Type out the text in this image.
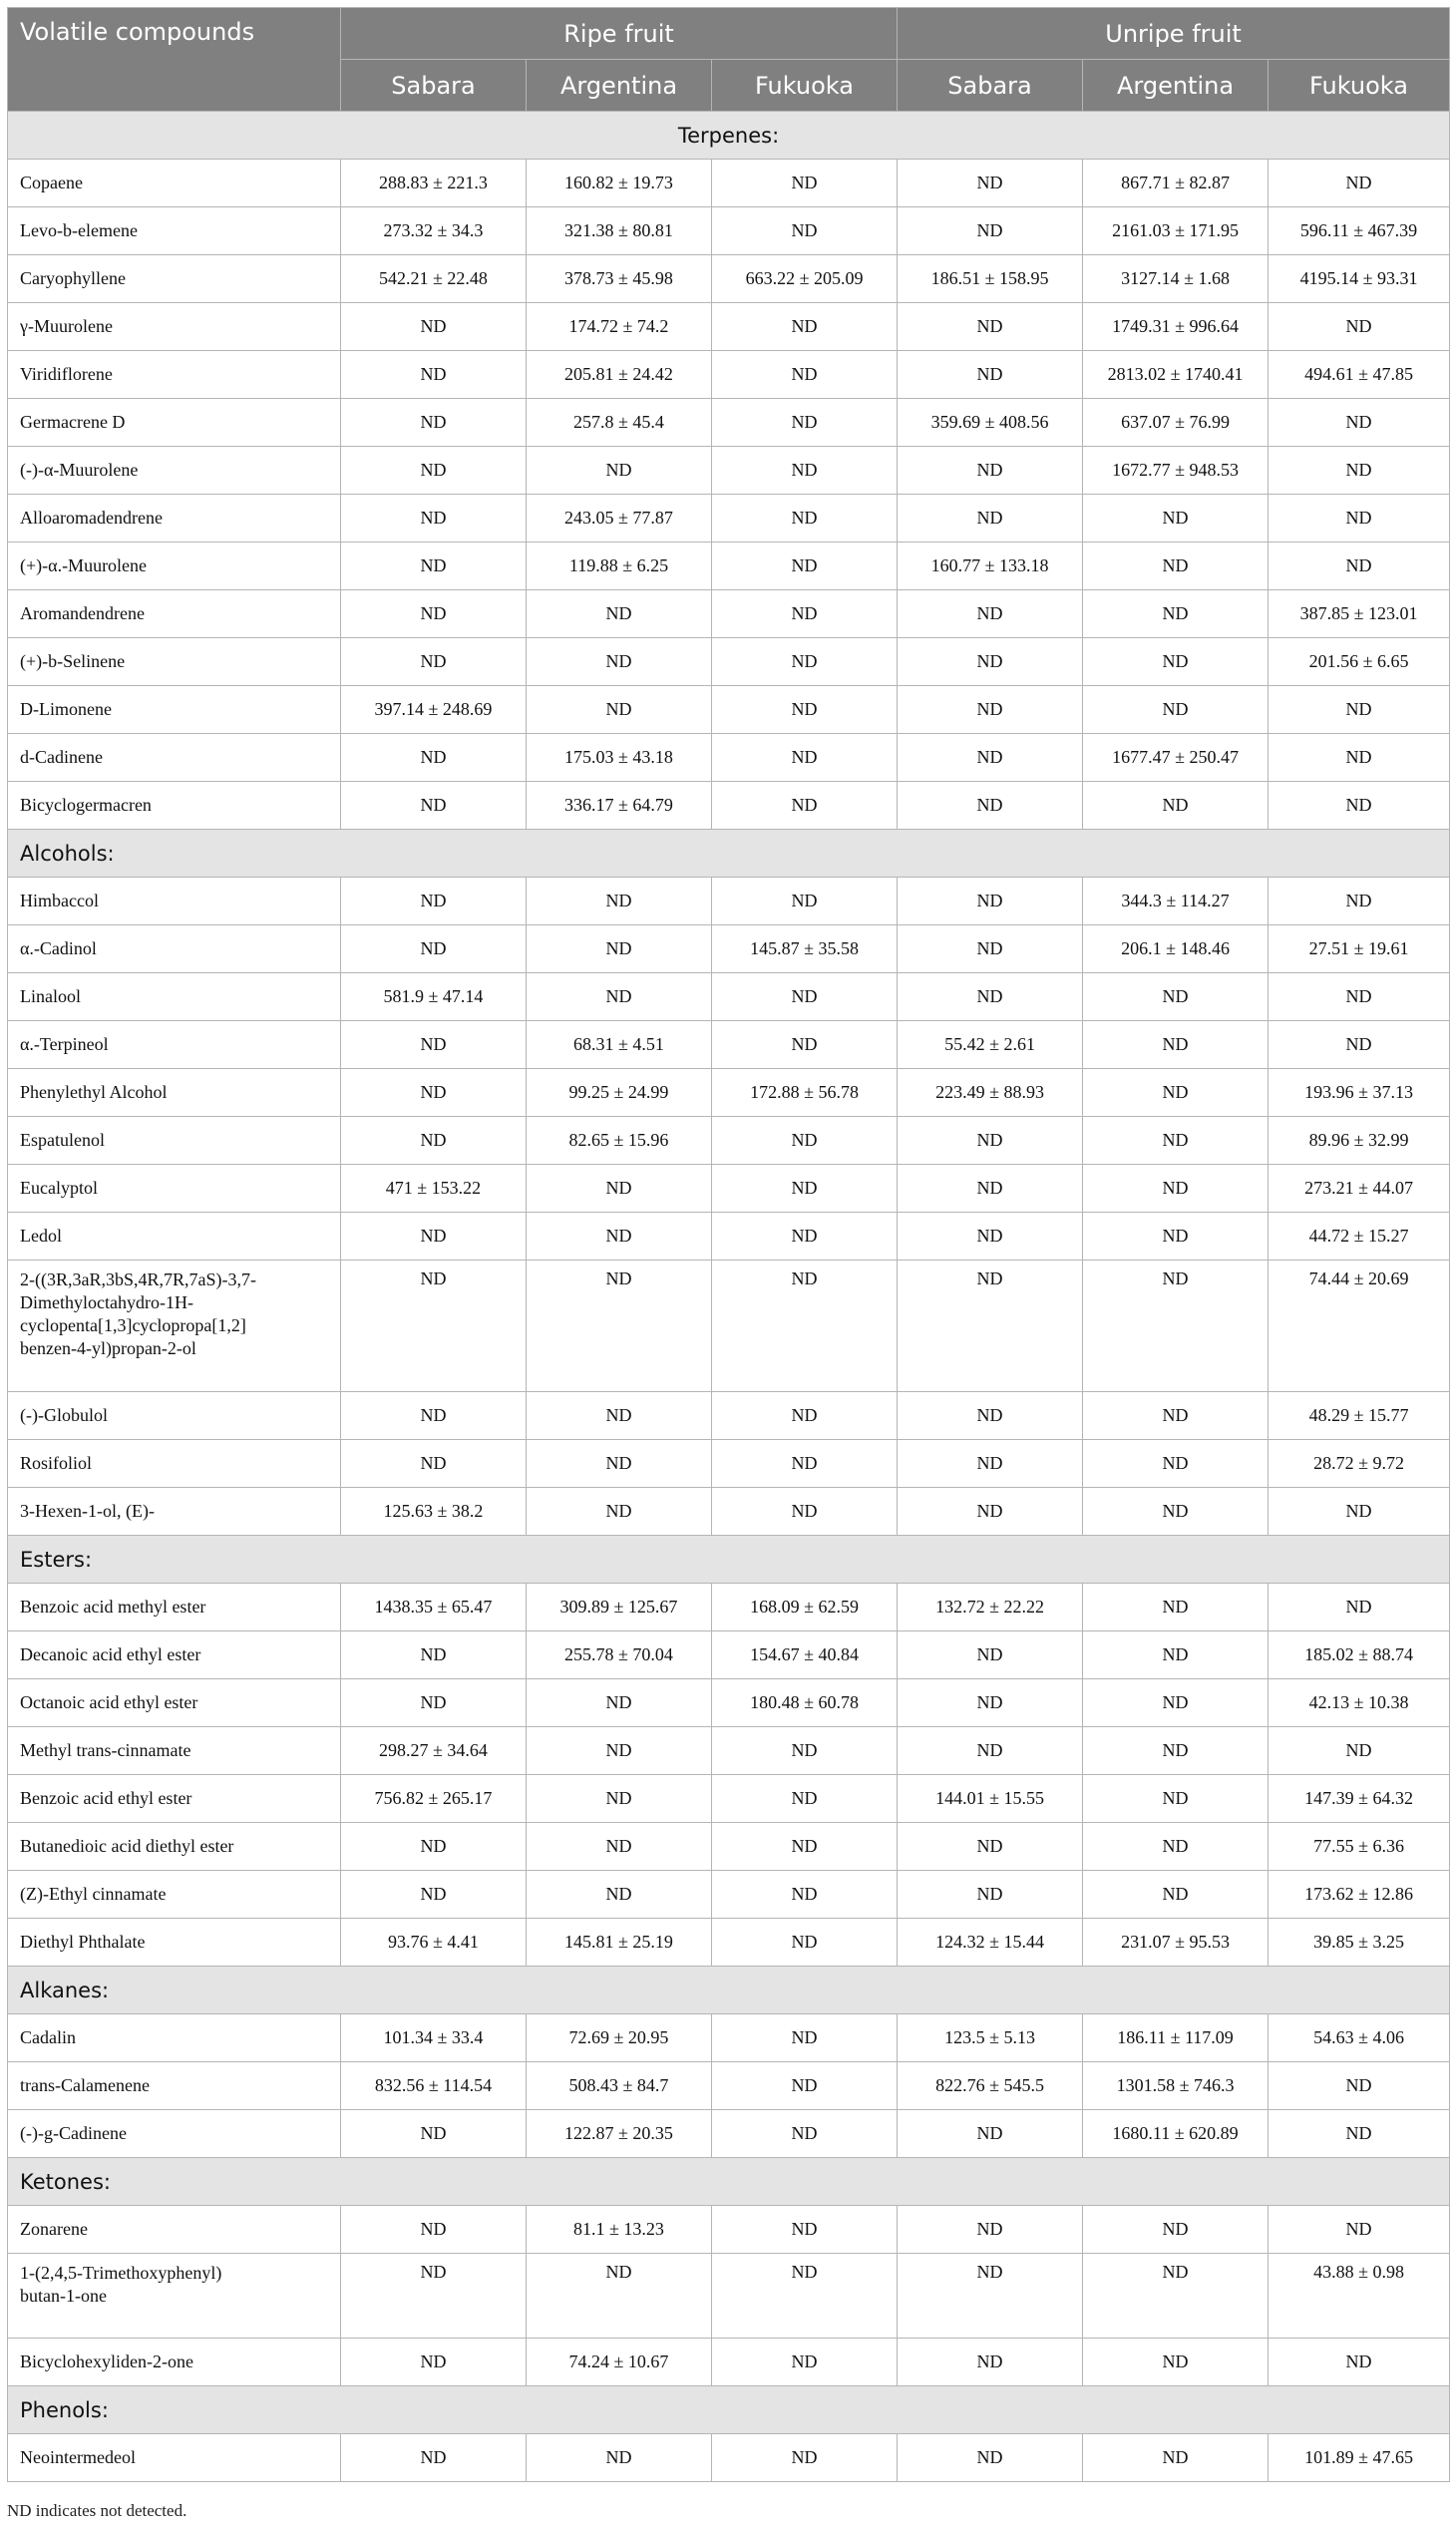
Volatile compounds	Ripe fruit			Unripe fruit		
	Sabara	Argentina	Fukuoka	Sabara	Argentina	Fukuoka
Terpenes:						
Copaene	288.83 ± 221.3	160.82 ± 19.73	ND	ND	867.71 ± 82.87	ND
Levo-b-elemene	273.32 ± 34.3	321.38 ± 80.81	ND	ND	2161.03 ± 171.95	596.11 ± 467.39
Caryophyllene	542.21 ± 22.48	378.73 ± 45.98	663.22 ± 205.09	186.51 ± 158.95	3127.14 ± 1.68	4195.14 ± 93.31
γ-Muurolene	ND	174.72 ± 74.2	ND	ND	1749.31 ± 996.64	ND
Viridiflorene	ND	205.81 ± 24.42	ND	ND	2813.02 ± 1740.41	494.61 ± 47.85
Germacrene D	ND	257.8 ± 45.4	ND	359.69 ± 408.56	637.07 ± 76.99	ND
(-)-α-Muurolene	ND	ND	ND	ND	1672.77 ± 948.53	ND
Alloaromadendrene	ND	243.05 ± 77.87	ND	ND	ND	ND
(+)-α.-Muurolene	ND	119.88 ± 6.25	ND	160.77 ± 133.18	ND	ND
Aromandendrene	ND	ND	ND	ND	ND	387.85 ± 123.01
(+)-b-Selinene	ND	ND	ND	ND	ND	201.56 ± 6.65
D-Limonene	397.14 ± 248.69	ND	ND	ND	ND	ND
d-Cadinene	ND	175.03 ± 43.18	ND	ND	1677.47 ± 250.47	ND
Bicyclogermacren	ND	336.17 ± 64.79	ND	ND	ND	ND
Alcohols:						
Himbaccol	ND	ND	ND	ND	344.3 ± 114.27	ND
α.-Cadinol	ND	ND	145.87 ± 35.58	ND	206.1 ± 148.46	27.51 ± 19.61
Linalool	581.9 ± 47.14	ND	ND	ND	ND	ND
α.-Terpineol	ND	68.31 ± 4.51	ND	55.42 ± 2.61	ND	ND
Phenylethyl Alcohol	ND	99.25 ± 24.99	172.88 ± 56.78	223.49 ± 88.93	ND	193.96 ± 37.13
Espatulenol	ND	82.65 ± 15.96	ND	ND	ND	89.96 ± 32.99
Eucalyptol	471 ± 153.22	ND	ND	ND	ND	273.21 ± 44.07
Ledol	ND	ND	ND	ND	ND	44.72 ± 15.27

2-((3R,3aR,3bS,4R,7R,7aS)-3,7-
Dimethyloctahydro-1H-
cyclopenta[1,3]cyclopropa[1,2]
benzen-4-yl)propan-2-ol	ND	ND	ND	ND	ND	74.44 ± 20.69
(-)-Globulol	ND	ND	ND	ND	ND	48.29 ± 15.77
Rosifoliol	ND	ND	ND	ND	ND	28.72 ± 9.72
3-Hexen-1-ol, (E)-	125.63 ± 38.2	ND	ND	ND	ND	ND
Esters:						
Benzoic acid methyl ester	1438.35 ± 65.47	309.89 ± 125.67	168.09 ± 62.59	132.72 ± 22.22	ND	ND
Decanoic acid ethyl ester	ND	255.78 ± 70.04	154.67 ± 40.84	ND	ND	185.02 ± 88.74
Octanoic acid ethyl ester	ND	ND	180.48 ± 60.78	ND	ND	42.13 ± 10.38
Methyl trans-cinnamate	298.27 ± 34.64	ND	ND	ND	ND	ND
Benzoic acid ethyl ester	756.82 ± 265.17	ND	ND	144.01 ± 15.55	ND	147.39 ± 64.32
Butanedioic acid diethyl ester	ND	ND	ND	ND	ND	77.55 ± 6.36
(Z)-Ethyl cinnamate	ND	ND	ND	ND	ND	173.62 ± 12.86
Diethyl Phthalate	93.76 ± 4.41	145.81 ± 25.19	ND	124.32 ± 15.44	231.07 ± 95.53	39.85 ± 3.25
Alkanes:						
Cadalin	101.34 ± 33.4	72.69 ± 20.95	ND	123.5 ± 5.13	186.11 ± 117.09	54.63 ± 4.06
trans-Calamenene	832.56 ± 114.54	508.43 ± 84.7	ND	822.76 ± 545.5	1301.58 ± 746.3	ND
(-)-g-Cadinene	ND	122.87 ± 20.35	ND	ND	1680.11 ± 620.89	ND
Ketones:						
Zonarene	ND	81.1 ± 13.23	ND	ND	ND	ND

1-(2,4,5-Trimethoxyphenyl)
butan-1-one	ND	ND	ND	ND	ND	43.88 ± 0.98
Bicyclohexyliden-2-one	ND	74.24 ± 10.67	ND	ND	ND	ND
Phenols:						
Neointermedeol	ND	ND	ND	ND	ND	101.89 ± 47.65
ND indicates not detected.
